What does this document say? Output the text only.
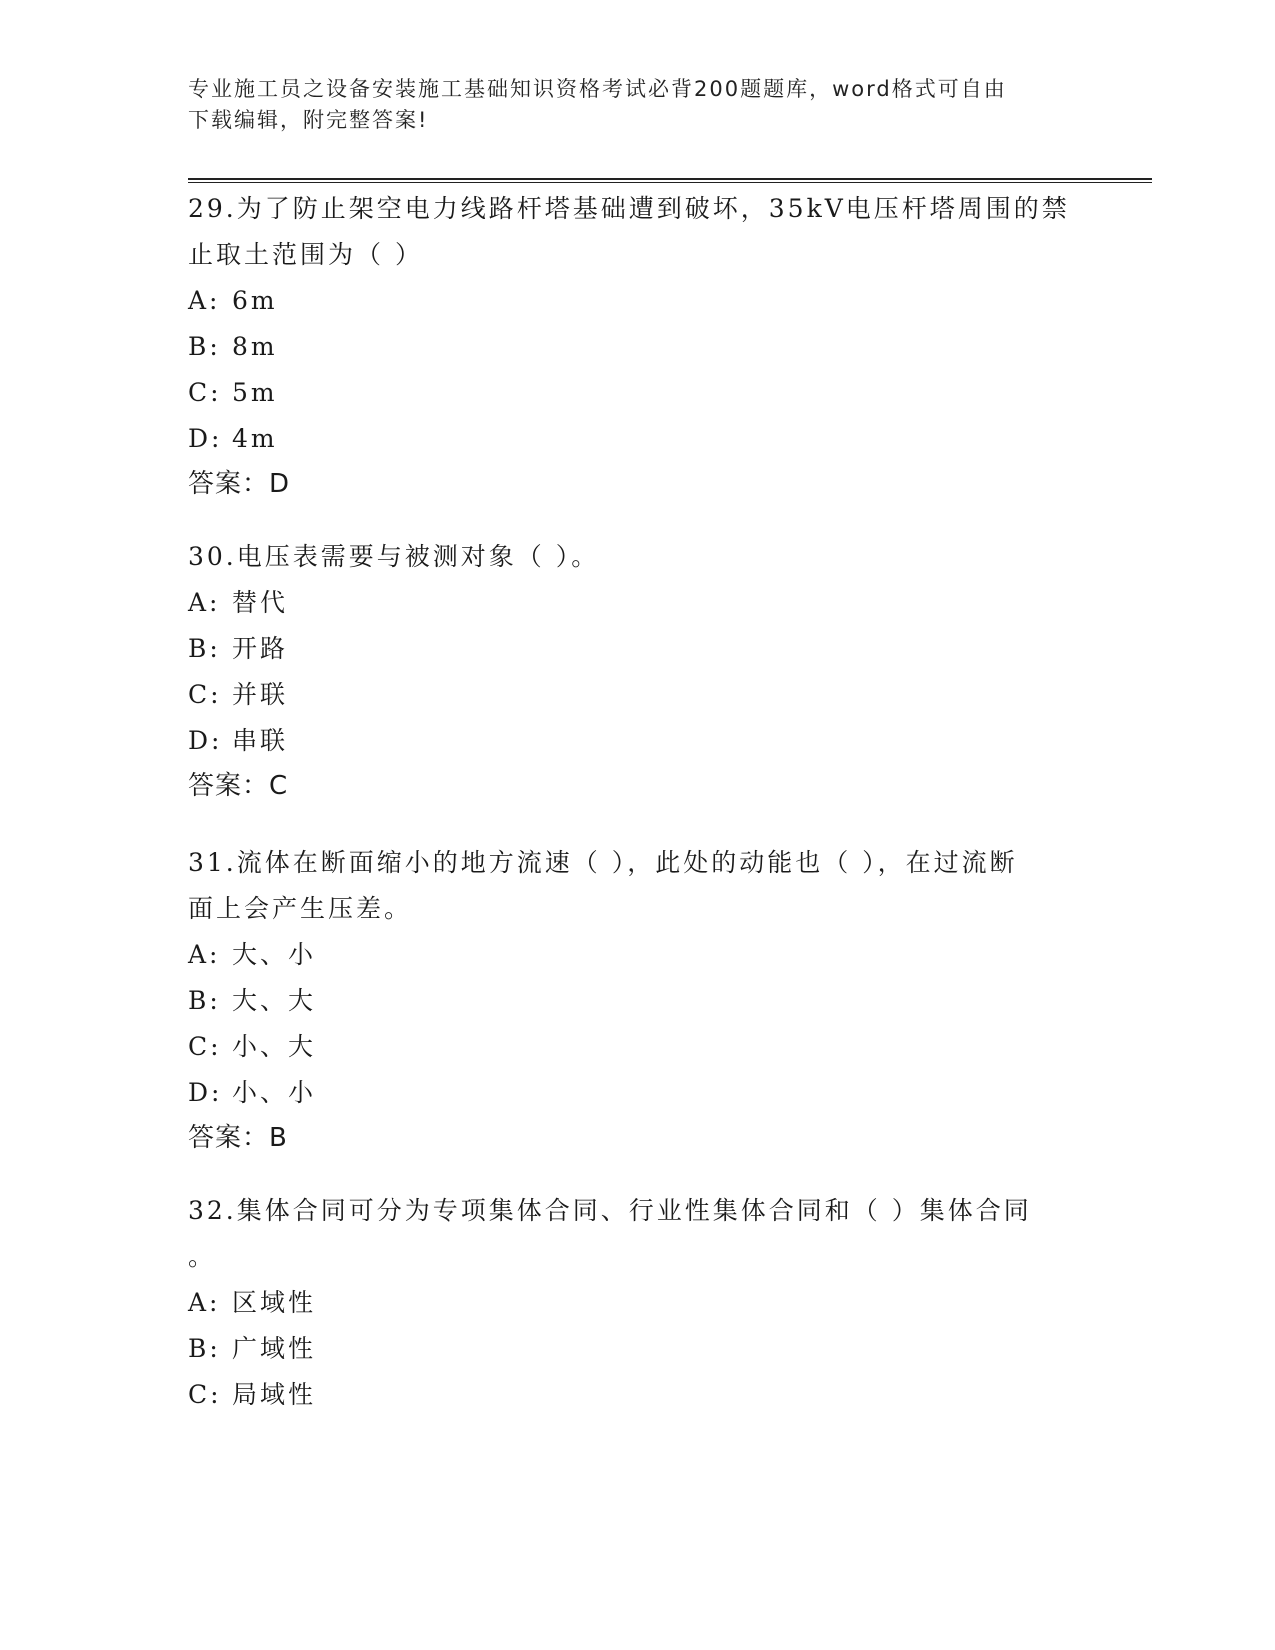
专业施工员之设备安装施工基础知识资格考试必背200题题库，word格式可自由
下载编辑，附完整答案!

29.为了防止架空电力线路杆塔基础遭到破坏，35kV电压杆塔周围的禁

止取土范围为（ ）

A: 6m

B: 8m

C: 5m

D: 4m

答案：D

30.电压表需要与被测对象（ ）。

A: 替代

B: 开路

C: 并联

D: 串联

答案：C

31.流体在断面缩小的地方流速（ ），此处的动能也（ ），在过流断

面上会产生压差。

A: 大、小

B: 大、大

C: 小、大

D: 小、小

答案：B

32.集体合同可分为专项集体合同、行业性集体合同和（ ）集体合同

。

A: 区域性

B: 广域性

C: 局域性
